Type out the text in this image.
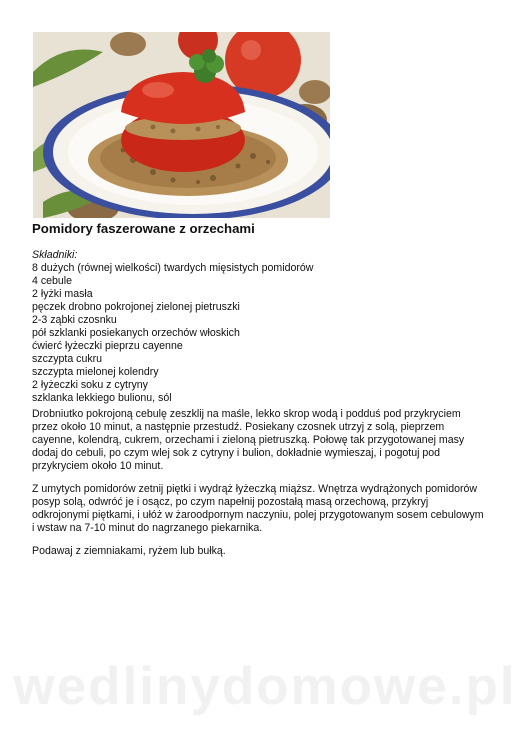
Pomidory faszerowane z orzechami
Składniki:
8 dużych (równej wielkości) twardych mięsistych pomidorów
4 cebule
2 łyżki masła
pęczek drobno pokrojonej zielonej pietruszki
2-3 ząbki czosnku
pół szklanki posiekanych orzechów włoskich
ćwierć łyżeczki pieprzu cayenne
szczypta cukru
szczypta mielonej kolendry
2 łyżeczki soku z cytryny
szklanka lekkiego bulionu, sól

Drobniutko pokrojoną cebulę zeszklij na maśle, lekko skrop wodą i podduś pod przykryciem przez około 10 minut, a następnie przestudź. Posiekany czosnek utrzyj z solą, pieprzem cayenne, kolendrą, cukrem, orzechami i zieloną pietruszką. Połowę tak przygotowanej masy dodaj do cebuli, po czym wlej sok z cytryny i bulion, dokładnie wymieszaj, i pogotuj pod przykryciem około 10 minut.

Z umytych pomidorów zetnij piętki i wydrąż łyżeczką miąższ. Wnętrza wydrążonych pomidorów posyp solą, odwróć je i osącz, po czym napełnij pozostałą masą orzechową, przykryj odkrojonymi piętkami, i ułóż w żaroodpornym naczyniu, polej przygotowanym sosem cebulowym i wstaw na 7-10 minut do nagrzanego piekarnika.

Podawaj z ziemniakami, ryżem lub bułką.

wedlinydomowe.pl
